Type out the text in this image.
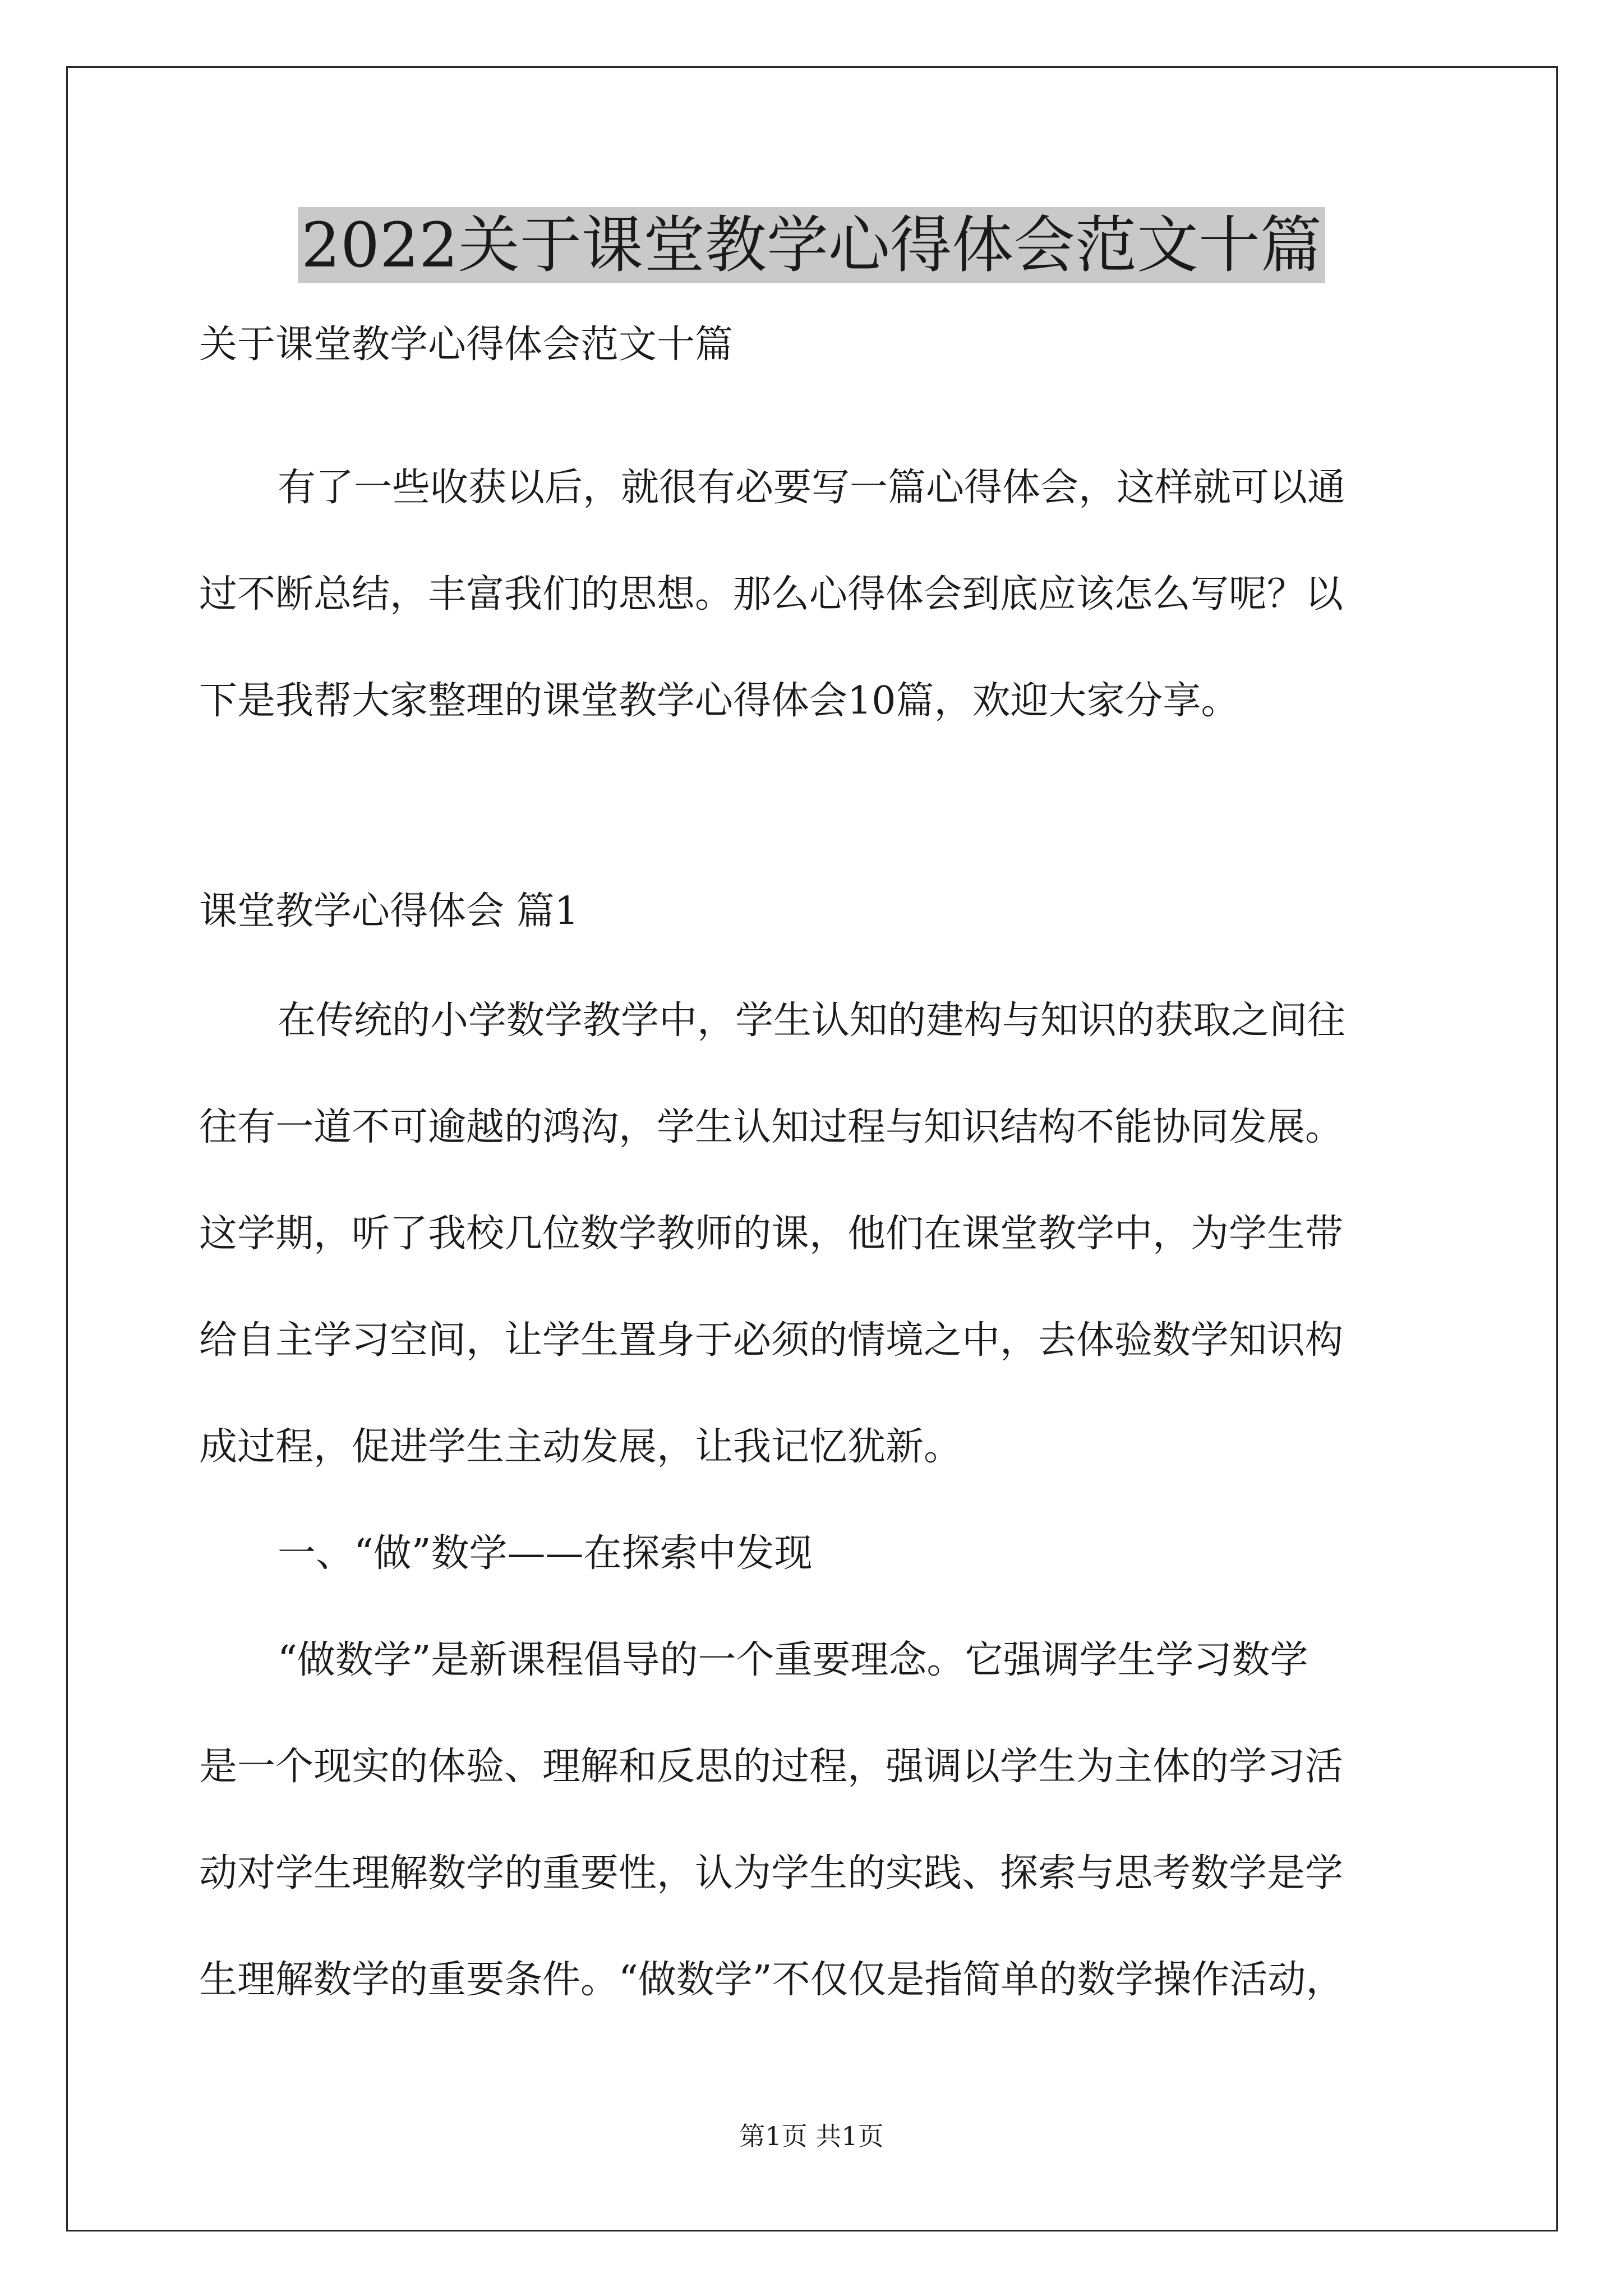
2022关于课堂教学心得体会范文十篇

关于课堂教学心得体会范文十篇

有了一些收获以后，就很有必要写一篇心得体会，这样就可以通

过不断总结，丰富我们的思想。那么心得体会到底应该怎么写呢？以

下是我帮大家整理的课堂教学心得体会10篇，欢迎大家分享。

课堂教学心得体会 篇1

在传统的小学数学教学中，学生认知的建构与知识的获取之间往

往有一道不可逾越的鸿沟，学生认知过程与知识结构不能协同发展。

这学期，听了我校几位数学教师的课，他们在课堂教学中，为学生带

给自主学习空间，让学生置身于必须的情境之中，去体验数学知识构

成过程，促进学生主动发展，让我记忆犹新。

一、“做”数学——在探索中发现

“做数学”是新课程倡导的一个重要理念。它强调学生学习数学

是一个现实的体验、理解和反思的过程，强调以学生为主体的学习活

动对学生理解数学的重要性，认为学生的实践、探索与思考数学是学

生理解数学的重要条件。“做数学”不仅仅是指简单的数学操作活动，

第1页 共1页
